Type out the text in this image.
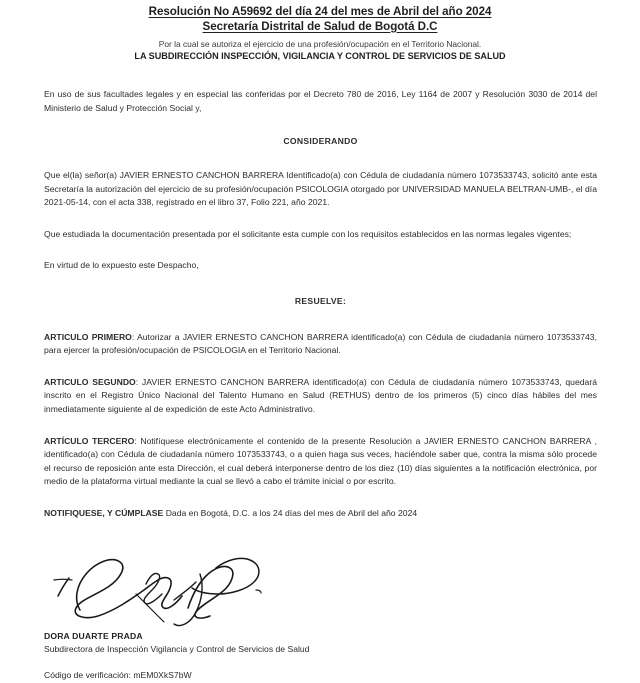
Resolución No A59692 del día 24 del mes de Abril del año 2024
Secretaría Distrital de Salud de Bogotá D.C
Por la cual se autoriza el ejercicio de una profesión/ocupación en el Territorio Nacional.
LA SUBDIRECCIÓN INSPECCIÓN, VIGILANCIA Y CONTROL DE SERVICIOS DE SALUD

En uso de sus facultades legales y en especial las conferidas por el Decreto 780 de 2016, Ley 1164 de 2007 y Resolución 3030 de 2014 del Ministerio de Salud y Protección Social y,

CONSIDERANDO

Que el(la) señor(a) JAVIER ERNESTO CANCHON BARRERA Identificado(a) con Cédula de ciudadanía número 1073533743, solicitó ante esta Secretaría la autorización del ejercicio de su profesión/ocupación PSICOLOGIA otorgado por UNIVERSIDAD MANUELA BELTRAN-UMB-, el día 2021-05-14, con el acta 338, registrado en el libro 37, Folio 221, año 2021.

Que estudiada la documentación presentada por el solicitante esta cumple con los requisitos establecidos en las normas legales vigentes;

En virtud de lo expuesto este Despacho,

RESUELVE:

ARTICULO PRIMERO: Autorizar a JAVIER ERNESTO CANCHON BARRERA identificado(a) con Cédula de ciudadanía número 1073533743, para ejercer la profesión/ocupación de PSICOLOGIA en el Territorio Nacional.

ARTICULO SEGUNDO: JAVIER ERNESTO CANCHON BARRERA identificado(a) con Cédula de ciudadanía número 1073533743, quedará inscrito en el Registro Único Nacional del Talento Humano en Salud (RETHUS) dentro de los primeros (5) cinco días hábiles del mes inmediatamente siguiente al de expedición de este Acto Administrativo.

ARTÍCULO TERCERO: Notifíquese electrónicamente el contenido de la presente Resolución a JAVIER ERNESTO CANCHON BARRERA , identificado(a) con Cédula de ciudadanía número 1073533743, o a quien haga sus veces, haciéndole saber que, contra la misma sólo procede el recurso de reposición ante esta Dirección, el cual deberá interponerse dentro de los diez (10) días siguientes a la notificación electrónica, por medio de la plataforma virtual mediante la cual se llevó a cabo el trámite inicial o por escrito.

NOTIFIQUESE, Y CÚMPLASE Dada en Bogotá, D.C. a los 24 días del mes de Abril del año 2024

DORA DUARTE PRADA
Subdirectora de Inspección Vigilancia y Control de Servicios de Salud
Código de verificación: mEM0XkS7bW
